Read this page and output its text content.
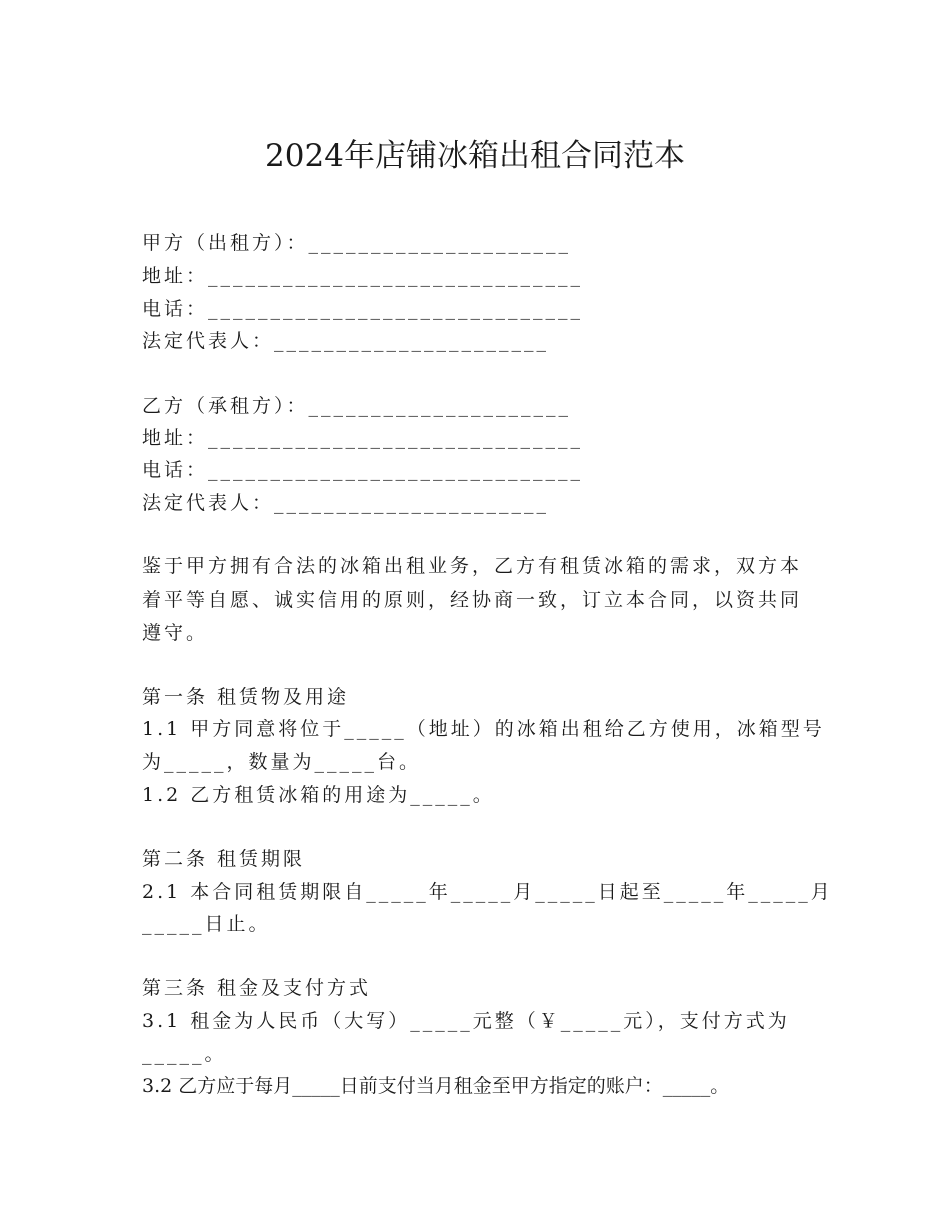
2024年店铺冰箱出租合同范本
甲方（出租方）：_____________________
地址：______________________________
电话：______________________________
法定代表人：______________________
乙方（承租方）：_____________________
地址：______________________________
电话：______________________________
法定代表人：______________________
鉴于甲方拥有合法的冰箱出租业务，乙方有租赁冰箱的需求，双方本
着平等自愿、诚实信用的原则，经协商一致，订立本合同，以资共同
遵守。
第一条 租赁物及用途
1.1 甲方同意将位于_____（地址）的冰箱出租给乙方使用，冰箱型号
为_____，数量为_____台。
1.2 乙方租赁冰箱的用途为_____。
第二条 租赁期限
2.1 本合同租赁期限自_____年_____月_____日起至_____年_____月
_____日止。
第三条 租金及支付方式
3.1 租金为人民币（大写）_____元整（￥_____元），支付方式为
_____。
3.2 乙方应于每月_____日前支付当月租金至甲方指定的账户：_____。
